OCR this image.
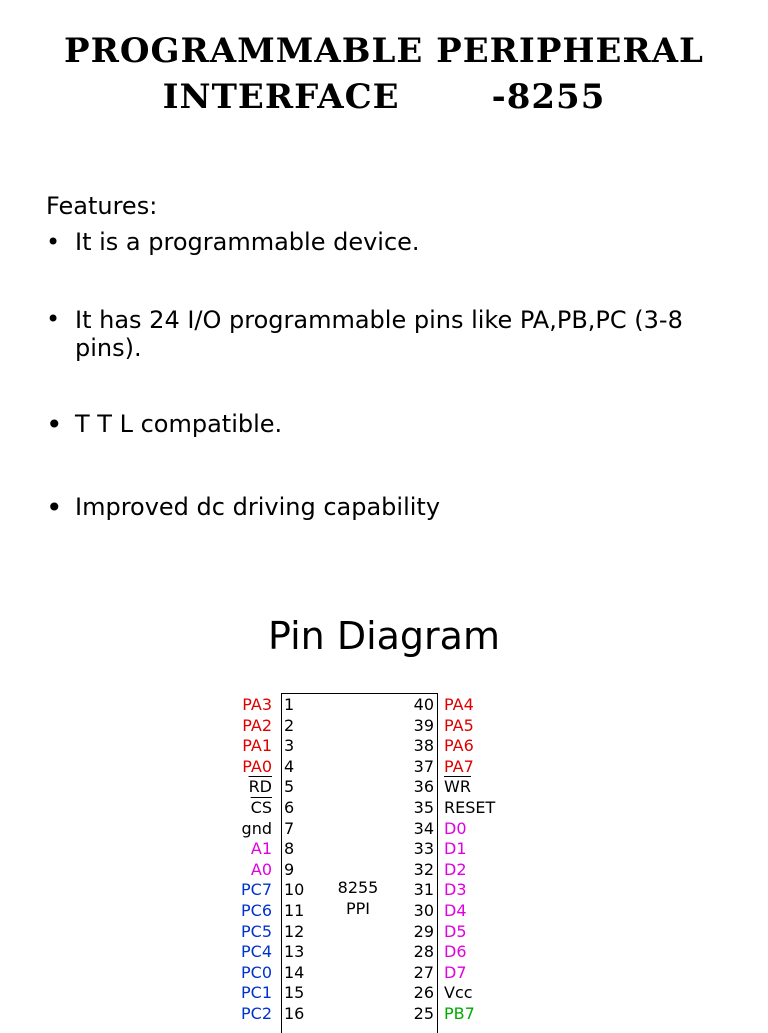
PROGRAMMABLE PERIPHERAL
INTERFACE	-8255
Features:
• It is a programmable device.
• It has 24 I/O programmable pins like PA,PB,PC (3-8 pins).
• T T L compatible.
• Improved dc driving capability
Pin Diagram
8255
PPI
PA3 1	40 PA4
PA2 2	39 PA5
PA1 3	38 PA6
PA0 4	37 PA7
$\overline{RD}$ 5	36 $\overline{WR}$
$\overline{CS}$ 6	35 RESET
gnd 7	34 D0
A1 8	33 D1
A0 9	32 D2
PC7 10	31 D3
PC6 11	30 D4
PC5 12	29 D5
PC4 13	28 D6
PC0 14	27 D7
PC1 15	26 Vcc
PC2 16	25 PB7
